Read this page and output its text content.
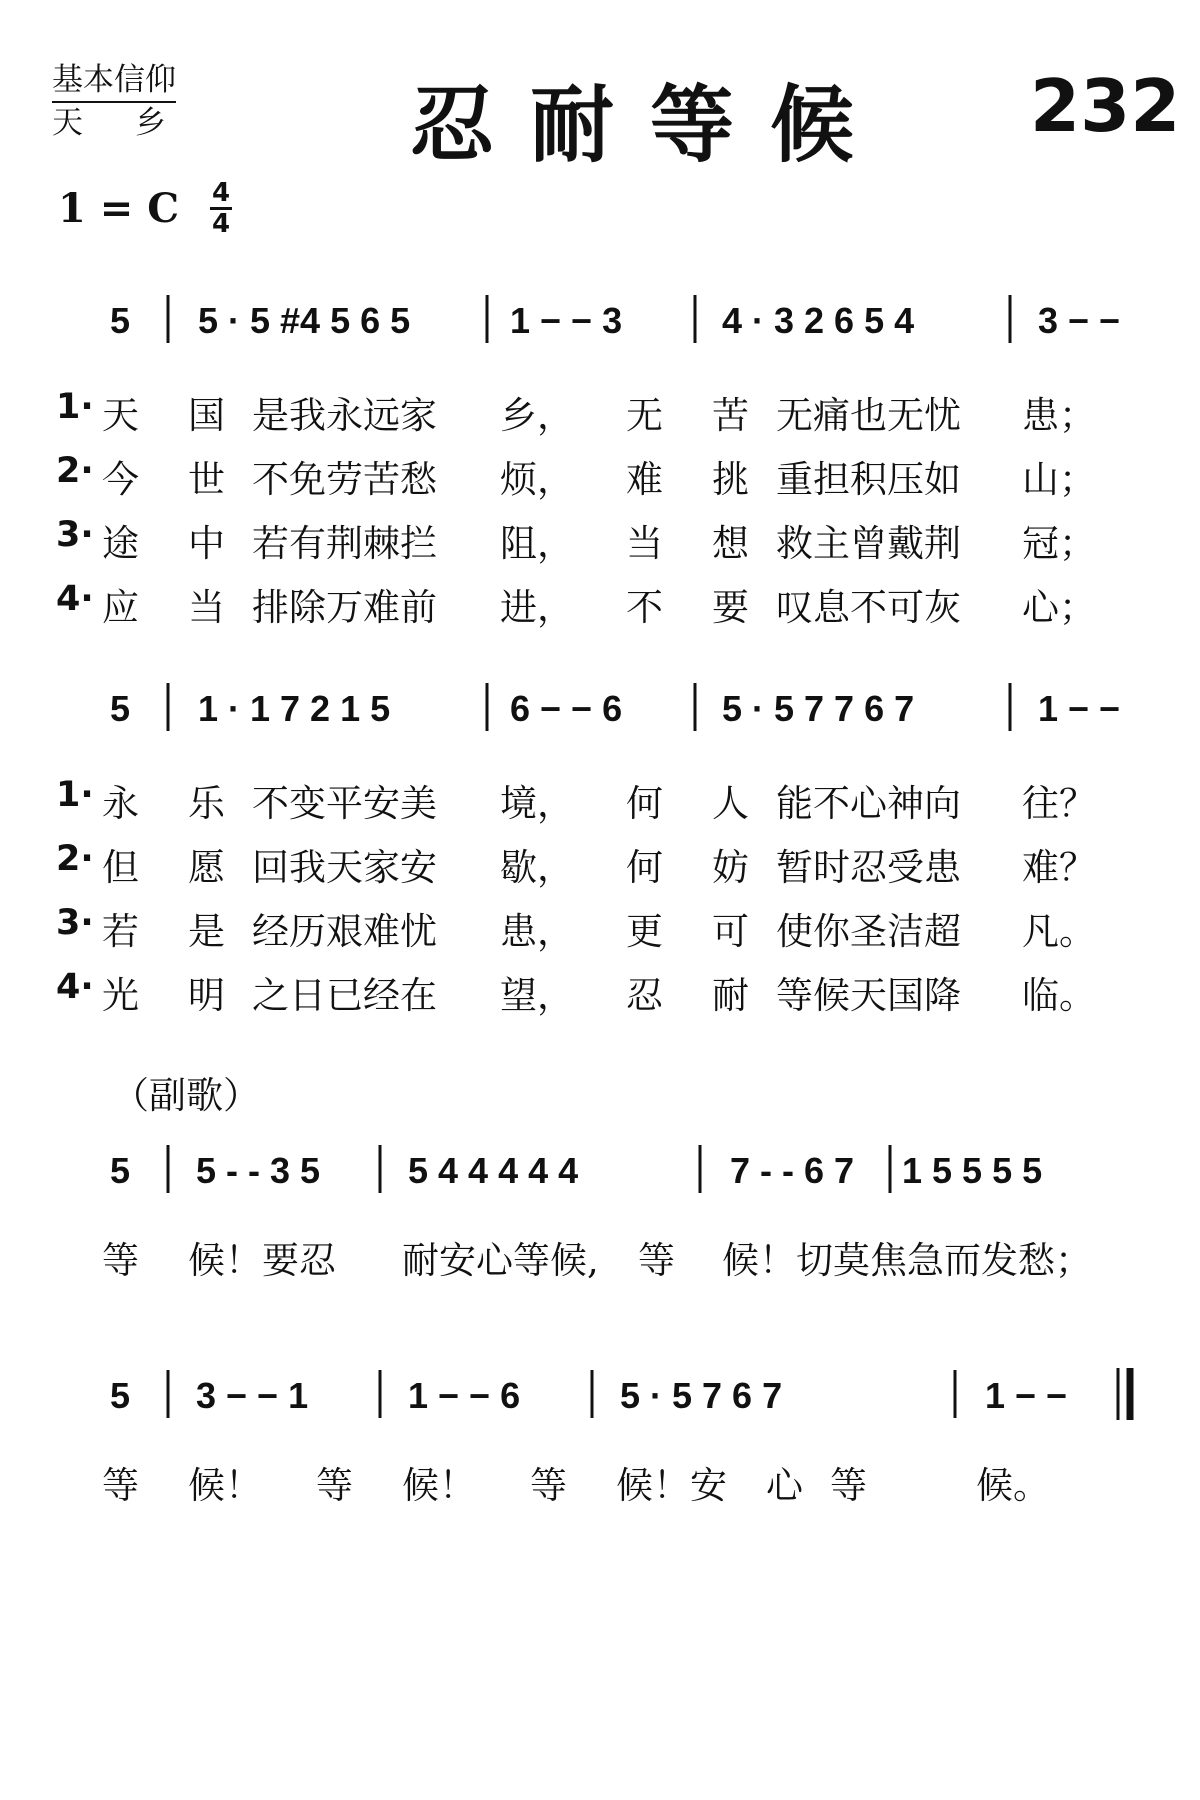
基本信仰
天乡 忍耐等候 232
1 = C 4
4
5 5 · 5 #4 5 6 5	1 − − 3	4 · 3 2 6 5 4	3 − −
1· 天 国 是我永远家 乡， 无 苦 无痛也无忧 患；
2· 今 世 不免劳苦愁 烦， 难 挑 重担积压如 山；
3· 途 中 若有荆棘拦 阻， 当 想 救主曾戴荆 冠；
4· 应 当 排除万难前 进， 不 要 叹息不可灰 心；
5 1 · 1 7 2 1 5	6 − − 6	5 · 5 7 7 6 7	1 − −
1· 永 乐 不变平安美 境， 何 人 能不心神向 往？
2· 但 愿 回我天家安 歇， 何 妨 暂时忍受患 难？
3· 若 是 经历艰难忧 患， 更 可 使你圣洁超 凡。
4· 光 明 之日已经在 望， 忍 耐 等候天国降 临。
（副歌）
5 5 - - 3 5 5 4 4 4 4 4	7 - - 6 7 1 5 5 5 5
等 候！要忍 耐安心等候, 等 候！切莫焦急而发愁；
5 3 − − 1	1 − − 6	5 · 5 7 6 7	1 − −
等 候！ 等 候！ 等 候！安 心 等	候。
